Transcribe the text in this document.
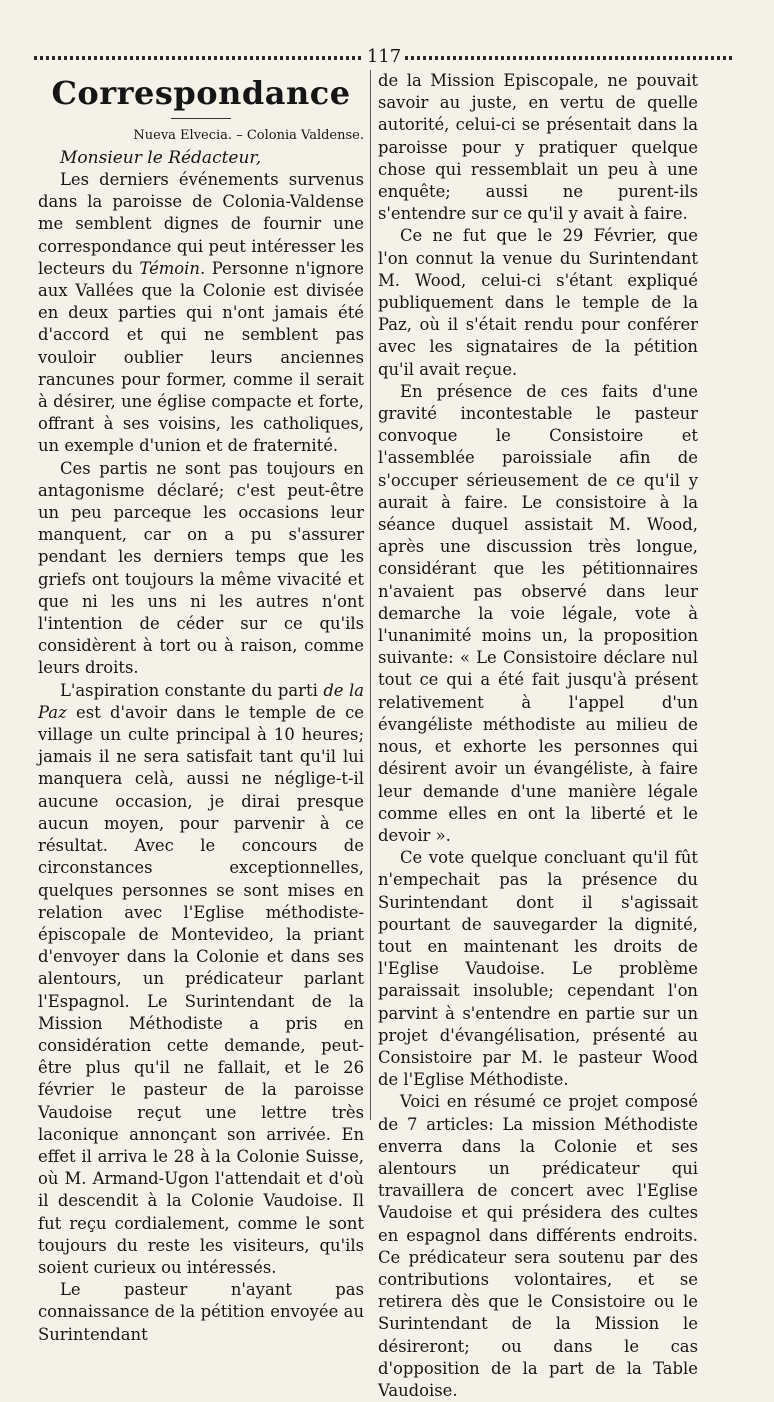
117
Correspondance

Nueva Elvecia. – Colonia Valdense.

Monsieur le Rédacteur,

Les derniers événements survenus dans la paroisse de Colonia-Valdense me semblent dignes de fournir une correspondance qui peut intéresser les lecteurs du Témoin. Personne n'ignore aux Vallées que la Colonie est divisée en deux parties qui n'ont jamais été d'accord et qui ne semblent pas vouloir oublier leurs anciennes rancunes pour former, comme il serait à désirer, une église compacte et forte, offrant à ses voisins, les catholiques, un exemple d'union et de fraternité.

Ces partis ne sont pas toujours en antagonisme déclaré; c'est peut-être un peu parceque les occasions leur manquent, car on a pu s'assurer pendant les derniers temps que les griefs ont toujours la même vivacité et que ni les uns ni les autres n'ont l'intention de céder sur ce qu'ils considèrent à tort ou à raison, comme leurs droits.

L'aspiration constante du parti de la Paz est d'avoir dans le temple de ce village un culte principal à 10 heures; jamais il ne sera satisfait tant qu'il lui manquera celà, aussi ne néglige-t-il aucune occasion, je dirai presque aucun moyen, pour parvenir à ce résultat. Avec le concours de circonstances exceptionnelles, quelques personnes se sont mises en relation avec l'Eglise méthodiste-épiscopale de Montevideo, la priant d'envoyer dans la Colonie et dans ses alentours, un prédicateur parlant l'Espagnol. Le Surintendant de la Mission Méthodiste a pris en considération cette demande, peut-être plus qu'il ne fallait, et le 26 février le pasteur de la paroisse Vaudoise reçut une lettre très laconique annonçant son arrivée. En effet il arriva le 28 à la Colonie Suisse, où M. Armand-Ugon l'attendait et d'où il descendit à la Colonie Vaudoise. Il fut reçu cordialement, comme le sont toujours du reste les visiteurs, qu'ils soient curieux ou intéressés.

Le pasteur n'ayant pas connaissance de la pétition envoyée au Surintendant

de la Mission Episcopale, ne pouvait savoir au juste, en vertu de quelle autorité, celui-ci se présentait dans la paroisse pour y pratiquer quelque chose qui ressemblait un peu à une enquête; aussi ne purent-ils s'entendre sur ce qu'il y avait à faire.

Ce ne fut que le 29 Février, que l'on connut la venue du Surintendant M. Wood, celui-ci s'étant expliqué publiquement dans le temple de la Paz, où il s'était rendu pour conférer avec les signataires de la pétition qu'il avait reçue.

En présence de ces faits d'une gravité incontestable le pasteur convoque le Consistoire et l'assemblée paroissiale afin de s'occuper sérieusement de ce qu'il y aurait à faire. Le consistoire à la séance duquel assistait M. Wood, après une discussion très longue, considérant que les pétitionnaires n'avaient pas observé dans leur demarche la voie légale, vote à l'unanimité moins un, la proposition suivante: « Le Consistoire déclare nul tout ce qui a été fait jusqu'à présent relativement à l'appel d'un évangéliste méthodiste au milieu de nous, et exhorte les personnes qui désirent avoir un évangéliste, à faire leur demande d'une manière légale comme elles en ont la liberté et le devoir ».

Ce vote quelque concluant qu'il fût n'empechait pas la présence du Surintendant dont il s'agissait pourtant de sauvegarder la dignité, tout en maintenant les droits de l'Eglise Vaudoise. Le problème paraissait insoluble; cependant l'on parvint à s'entendre en partie sur un projet d'évangélisation, présenté au Consistoire par M. le pasteur Wood de l'Eglise Méthodiste.

Voici en résumé ce projet composé de 7 articles: La mission Méthodiste enverra dans la Colonie et ses alentours un prédicateur qui travaillera de concert avec l'Eglise Vaudoise et qui présidera des cultes en espagnol dans différents endroits. Ce prédicateur sera soutenu par des contributions volontaires, et se retirera dès que le Consistoire ou le Surintendant de la Mission le désireront; ou dans le cas d'opposition de la part de la Table Vaudoise.
